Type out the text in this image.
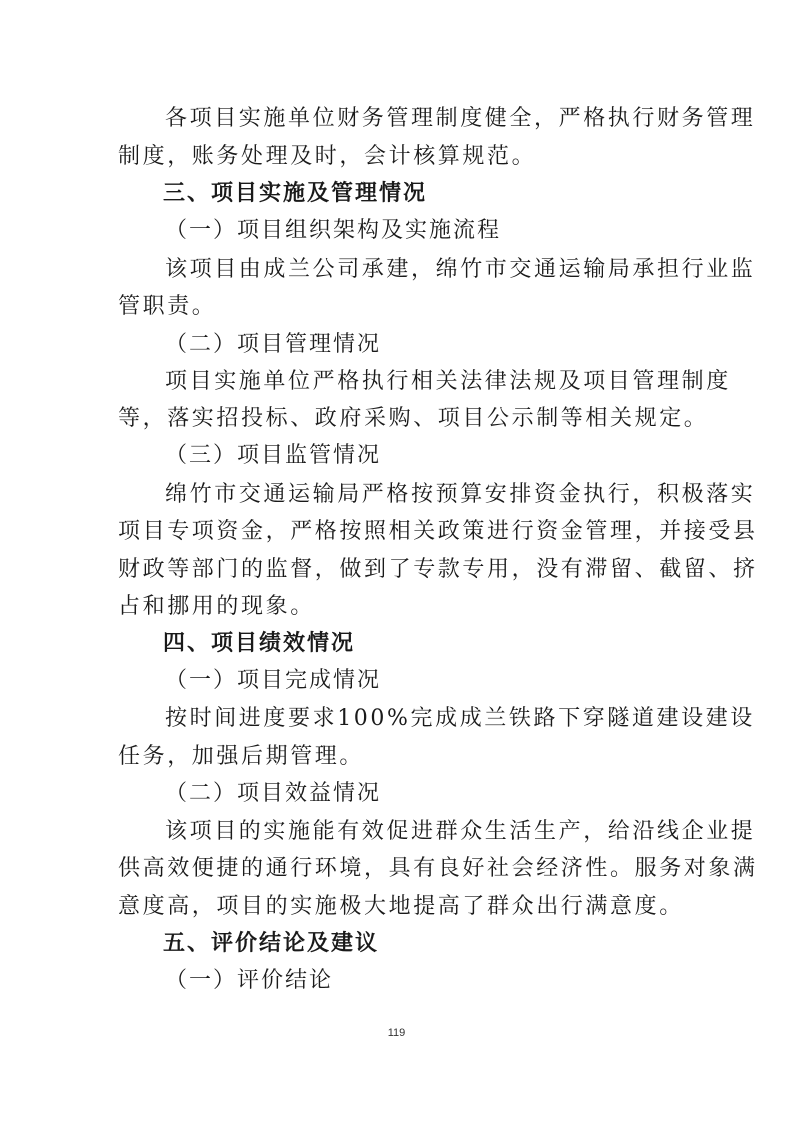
各项目实施单位财务管理制度健全，严格执行财务管理
制度，账务处理及时，会计核算规范。
三、项目实施及管理情况
（一）项目组织架构及实施流程
该项目由成兰公司承建，绵竹市交通运输局承担行业监
管职责。
（二）项目管理情况
项目实施单位严格执行相关法律法规及项目管理制度
等，落实招投标、政府采购、项目公示制等相关规定。
（三）项目监管情况
绵竹市交通运输局严格按预算安排资金执行，积极落实
项目专项资金，严格按照相关政策进行资金管理，并接受县
财政等部门的监督，做到了专款专用，没有滞留、截留、挤
占和挪用的现象。
四、项目绩效情况
（一）项目完成情况
按时间进度要求100%完成成兰铁路下穿隧道建设建设
任务，加强后期管理。
（二）项目效益情况
该项目的实施能有效促进群众生活生产，给沿线企业提
供高效便捷的通行环境，具有良好社会经济性。服务对象满
意度高，项目的实施极大地提高了群众出行满意度。
五、评价结论及建议
（一）评价结论
119
